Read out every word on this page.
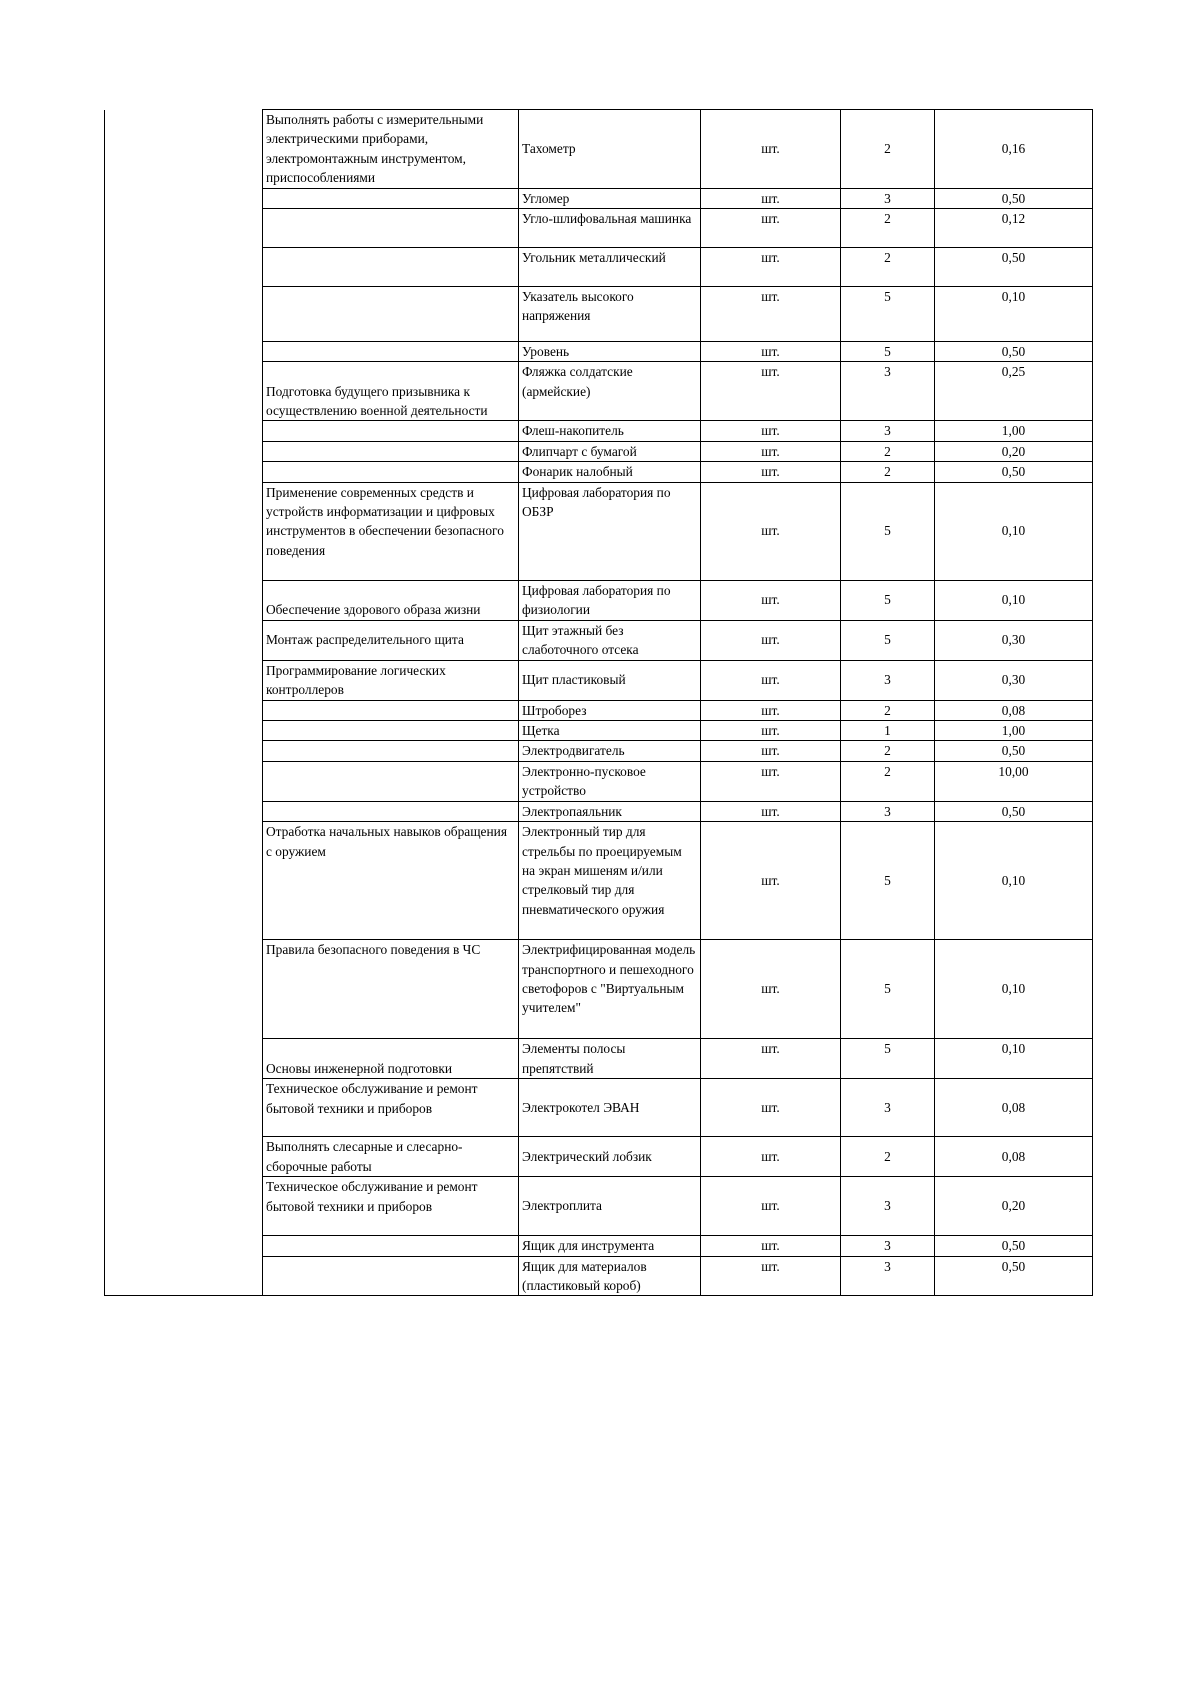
	Выполнять работы с измерительными электрическими приборами, электромонтажным инструментом, приспособлениями	Тахометр	шт.	2	0,16
		Угломер	шт.	3	0,50
		Угло-шлифовальная машинка	шт.	2	0,12
		Угольник металлический	шт.	2	0,50
		Указатель высокого напряжения	шт.	5	0,10
		Уровень	шт.	5	0,50
	Подготовка будущего призывника к осуществлению военной деятельности	Фляжка солдатские (армейские)	шт.	3	0,25
		Флеш-накопитель	шт.	3	1,00
		Флипчарт с бумагой	шт.	2	0,20
		Фонарик налобный	шт.	2	0,50
	Применение современных средств и устройств информатизации и цифровых инструментов в обеспечении безопасного поведения	Цифровая лаборатория по ОБЗР	шт.	5	0,10
	Обеспечение здорового образа жизни	Цифровая лаборатория по физиологии	шт.	5	0,10
	Монтаж распределительного щита	Щит этажный без слаботочного отсека	шт.	5	0,30
	Программирование логических контроллеров	Щит пластиковый	шт.	3	0,30
		Штроборез	шт.	2	0,08
		Щетка	шт.	1	1,00
		Электродвигатель	шт.	2	0,50
		Электронно-пусковое устройство	шт.	2	10,00
		Электропаяльник	шт.	3	0,50
	Отработка начальных навыков обращения с оружием	Электронный тир для стрельбы по проецируемым на экран мишеням и/или стрелковый тир для пневматического оружия	шт.	5	0,10
	Правила безопасного поведения в ЧС	Электрифицированная модель транспортного и пешеходного светофоров с "Виртуальным учителем"	шт.	5	0,10
	Основы инженерной подготовки	Элементы полосы препятствий	шт.	5	0,10
	Техническое обслуживание и ремонт бытовой техники и приборов	Электрокотел ЭВАН	шт.	3	0,08
	Выполнять слесарные и слесарно-сборочные работы	Электрический лобзик	шт.	2	0,08
	Техническое обслуживание и ремонт бытовой техники и приборов	Электроплита	шт.	3	0,20
		Ящик для инструмента	шт.	3	0,50
		Ящик для материалов (пластиковый короб)	шт.	3	0,50
